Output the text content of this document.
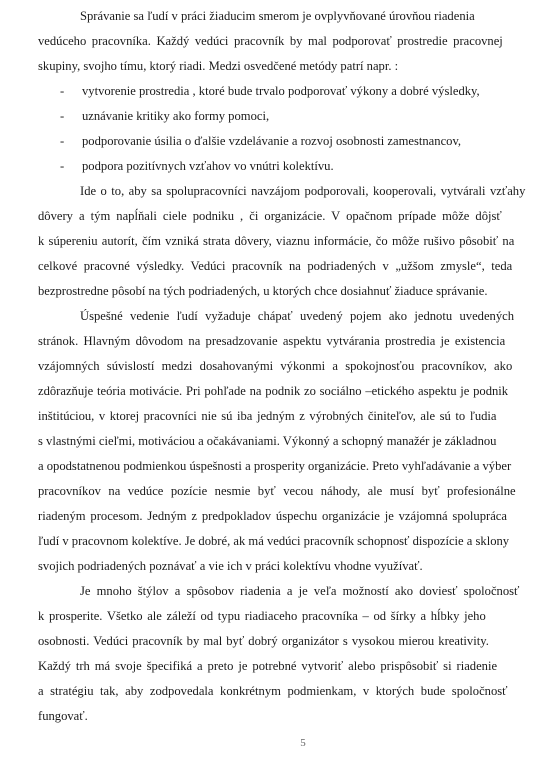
Správanie sa ľudí v práci žiaducim smerom je ovplyvňované úrovňou riadenia
vedúceho pracovníka. Každý vedúci pracovník by mal podporovať prostredie pracovnej
skupiny, svojho tímu, ktorý riadi. Medzi osvedčené metódy patrí napr. :
- vytvorenie prostredia , ktoré bude trvalo podporovať výkony a dobré výsledky,
- uznávanie kritiky ako formy pomoci,
- podporovanie úsilia o ďalšie vzdelávanie a rozvoj osobnosti zamestnancov,
- podpora pozitívnych vzťahov vo vnútri kolektívu.
Ide o to, aby sa spolupracovníci navzájom podporovali, kooperovali, vytvárali vzťahy
dôvery a tým napĺňali ciele podniku , či organizácie. V opačnom prípade môže dôjsť
k súpereniu autorít, čím vzniká strata dôvery, viaznu informácie, čo môže rušivo pôsobiť na
celkové pracovné výsledky. Vedúci pracovník na podriadených v „užšom zmysle“, teda
bezprostredne pôsobí na tých podriadených, u ktorých chce dosiahnuť žiaduce správanie.
Úspešné vedenie ľudí vyžaduje chápať uvedený pojem ako jednotu uvedených
stránok. Hlavným dôvodom na presadzovanie aspektu vytvárania prostredia je existencia
vzájomných súvislostí medzi dosahovanými výkonmi a spokojnosťou pracovníkov, ako
zdôrazňuje teória motivácie. Pri pohľade na podnik zo sociálno –etického aspektu je podnik
inštitúciou, v ktorej pracovníci nie sú iba jedným z výrobných činiteľov, ale sú to ľudia
s vlastnými cieľmi, motiváciou a očakávaniami. Výkonný a schopný manažér je základnou
a opodstatnenou podmienkou úspešnosti a prosperity organizácie. Preto vyhľadávanie a výber
pracovníkov na vedúce pozície nesmie byť vecou náhody, ale musí byť profesionálne
riadeným procesom. Jedným z predpokladov úspechu organizácie je vzájomná spolupráca
ľudí v pracovnom kolektíve. Je dobré, ak má vedúci pracovník schopnosť dispozície a sklony
svojich podriadených poznávať a vie ich v práci kolektívu vhodne využívať.
Je mnoho štýlov a spôsobov riadenia a je veľa možností ako doviesť spoločnosť
k prosperite. Všetko ale záleží od typu riadiaceho pracovníka – od šírky a hĺbky jeho
osobnosti. Vedúci pracovník by mal byť dobrý organizátor s vysokou mierou kreativity.
Každý trh má svoje špecifiká a preto je potrebné vytvoriť alebo prispôsobiť si riadenie
a stratégiu tak, aby zodpovedala konkrétnym podmienkam, v ktorých bude spoločnosť
fungovať.
5
